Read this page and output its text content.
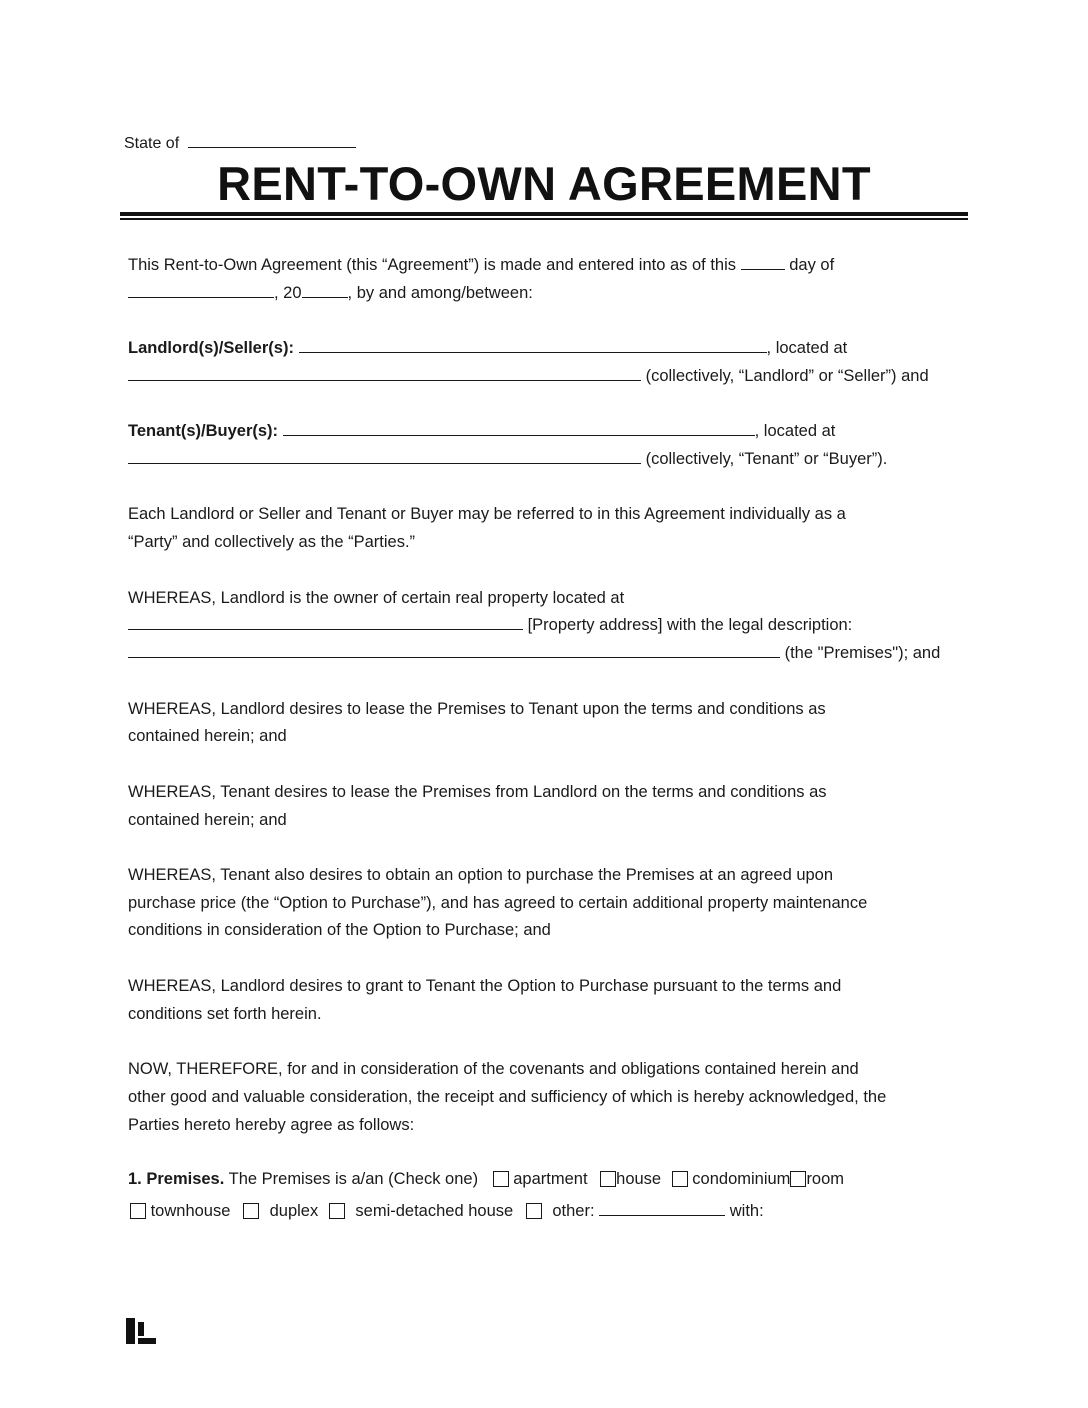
State of
RENT-TO-OWN AGREEMENT
This Rent-to-Own Agreement (this “Agreement”) is made and entered into as of this	day of
, 20	, by and among/between:
Landlord(s)/Seller(s):	, located at
(collectively, “Landlord” or “Seller”) and
Tenant(s)/Buyer(s):	, located at
(collectively, “Tenant” or “Buyer”).
Each Landlord or Seller and Tenant or Buyer may be referred to in this Agreement individually as a
“Party” and collectively as the “Parties.”
WHEREAS, Landlord is the owner of certain real property located at
[Property address] with the legal description:
(the "Premises"); and
WHEREAS, Landlord desires to lease the Premises to Tenant upon the terms and conditions as
contained herein; and
WHEREAS, Tenant desires to lease the Premises from Landlord on the terms and conditions as
contained herein; and
WHEREAS, Tenant also desires to obtain an option to purchase the Premises at an agreed upon
purchase price (the “Option to Purchase”), and has agreed to certain additional property maintenance
conditions in consideration of the Option to Purchase; and
WHEREAS, Landlord desires to grant to Tenant the Option to Purchase pursuant to the terms and
conditions set forth herein.
NOW, THEREFORE, for and in consideration of the covenants and obligations contained herein and
other good and valuable consideration, the receipt and sufficiency of which is hereby acknowledged, the
Parties hereto hereby agree as follows:
1. Premises. The Premises is a/an (Check one) apartment house condominium room
townhouse duplex semi-detached house other:	with:
